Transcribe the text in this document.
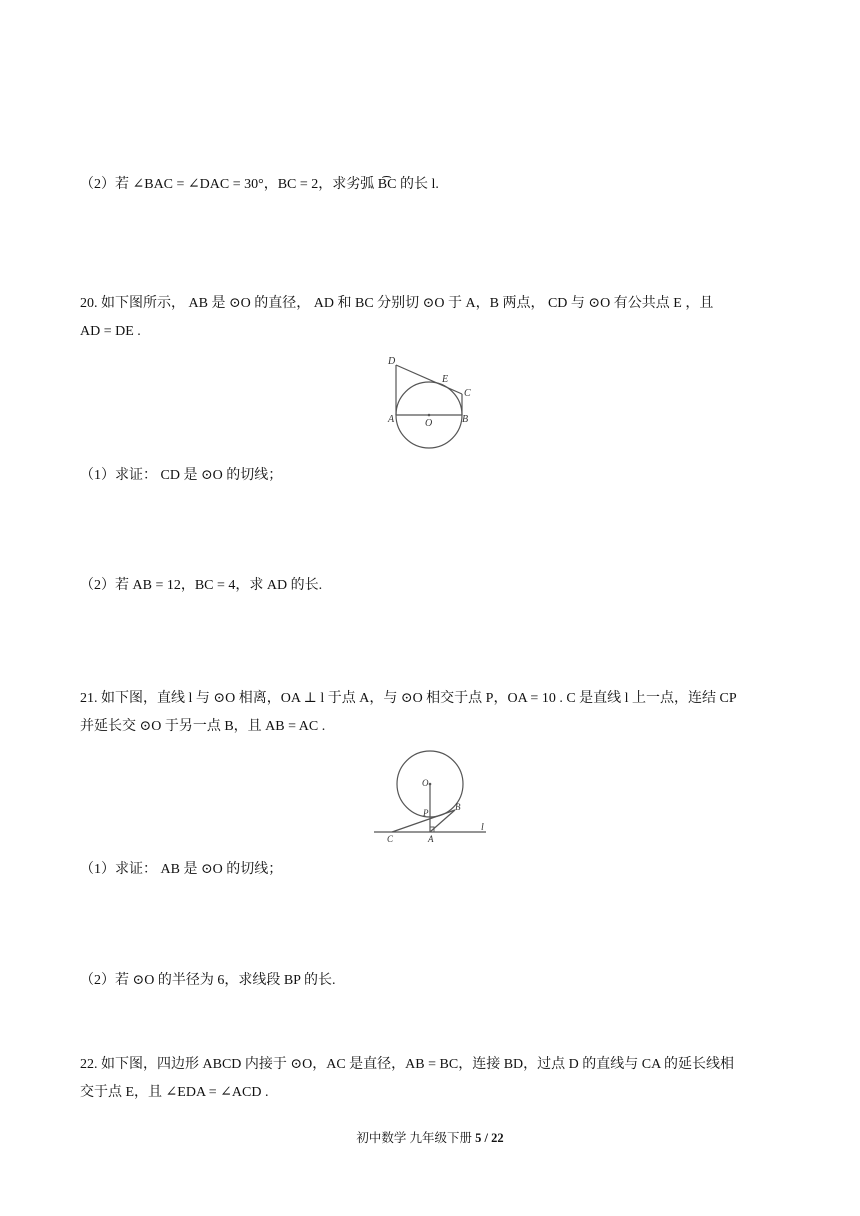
（2）若 ∠BAC = ∠DAC = 30°，BC = 2，求劣弧 B͡C 的长 l.
20. 如下图所示， AB 是 ⊙O 的直径， AD 和 BC 分别切 ⊙O 于 A，B 两点， CD 与 ⊙O 有公共点 E ，且
AD = DE .
D
E
C
A	O	B
（1）求证： CD 是 ⊙O 的切线；
（2）若 AB = 12，BC = 4，求 AD 的长.
21. 如下图，直线 l 与 ⊙O 相离，OA ⊥ l 于点 A，与 ⊙O 相交于点 P，OA = 10 . C 是直线 l 上一点，连结 CP
并延长交 ⊙O 于另一点 B，且 AB = AC .
O
P
B
C	A
l
（1）求证： AB 是 ⊙O 的切线；
（2）若 ⊙O 的半径为 6，求线段 BP 的长.
22. 如下图，四边形 ABCD 内接于 ⊙O，AC 是直径，AB = BC，连接 BD，过点 D 的直线与 CA 的延长线相
交于点 E，且 ∠EDA = ∠ACD .
初中数学 九年级下册 5 / 22
